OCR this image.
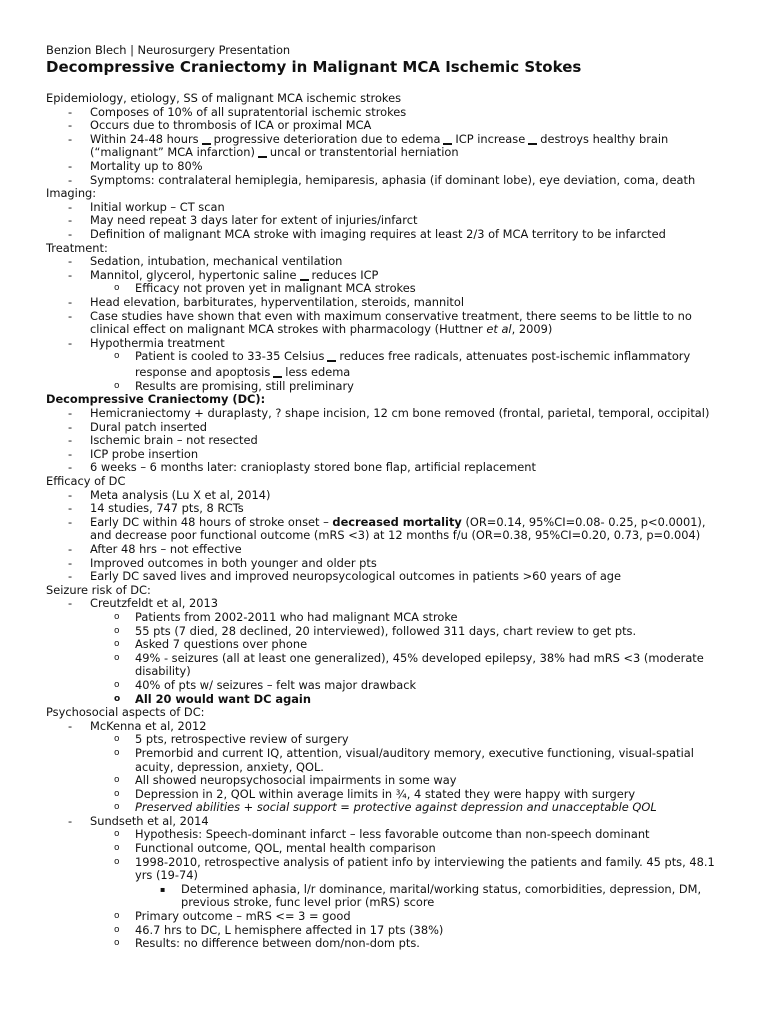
Benzion Blech | Neurosurgery Presentation
Decompressive Craniectomy in Malignant MCA Ischemic Stokes
Epidemiology, etiology, SS of malignant MCA ischemic strokes
- Composes of 10% of all supratentorial ischemic strokes
- Occurs due to thrombosis of ICA or proximal MCA
- Within 24-48 hours progressive deterioration due to edema ICP increase destroys healthy brain
(“malignant” MCA infarction) uncal or transtentorial herniation
- Mortality up to 80%
- Symptoms: contralateral hemiplegia, hemiparesis, aphasia (if dominant lobe), eye deviation, coma, death
Imaging:
- Initial workup – CT scan
- May need repeat 3 days later for extent of injuries/infarct
- Definition of malignant MCA stroke with imaging requires at least 2/3 of MCA territory to be infarcted
Treatment:
- Sedation, intubation, mechanical ventilation
- Mannitol, glycerol, hypertonic saline reduces ICP
o Efficacy not proven yet in malignant MCA strokes
- Head elevation, barbiturates, hyperventilation, steroids, mannitol
- Case studies have shown that even with maximum conservative treatment, there seems to be little to no
clinical effect on malignant MCA strokes with pharmacology (Huttner et al, 2009)
- Hypothermia treatment
o Patient is cooled to 33-35 Celsius reduces free radicals, attenuates post-ischemic inflammatory
response and apoptosis less edema
o Results are promising, still preliminary
Decompressive Craniectomy (DC):
- Hemicraniectomy + duraplasty, ? shape incision, 12 cm bone removed (frontal, parietal, temporal, occipital)
- Dural patch inserted
- Ischemic brain – not resected
- ICP probe insertion
- 6 weeks – 6 months later: cranioplasty stored bone flap, artificial replacement
Efficacy of DC
- Meta analysis (Lu X et al, 2014)
- 14 studies, 747 pts, 8 RCTs
- Early DC within 48 hours of stroke onset – decreased mortality (OR=0.14, 95%CI=0.08- 0.25, p<0.0001),
and decrease poor functional outcome (mRS <3) at 12 months f/u (OR=0.38, 95%CI=0.20, 0.73, p=0.004)
- After 48 hrs – not effective
- Improved outcomes in both younger and older pts
- Early DC saved lives and improved neuropsycological outcomes in patients >60 years of age
Seizure risk of DC:
- Creutzfeldt et al, 2013
o Patients from 2002-2011 who had malignant MCA stroke
o 55 pts (7 died, 28 declined, 20 interviewed), followed 311 days, chart review to get pts.
o Asked 7 questions over phone
o 49% - seizures (all at least one generalized), 45% developed epilepsy, 38% had mRS <3 (moderate
disability)
o 40% of pts w/ seizures – felt was major drawback
o All 20 would want DC again
Psychosocial aspects of DC:
- McKenna et al, 2012
o 5 pts, retrospective review of surgery
o Premorbid and current IQ, attention, visual/auditory memory, executive functioning, visual-spatial
acuity, depression, anxiety, QOL.
o All showed neuropsychosocial impairments in some way
o Depression in 2, QOL within average limits in ¾, 4 stated they were happy with surgery
o Preserved abilities + social support = protective against depression and unacceptable QOL
- Sundseth et al, 2014
o Hypothesis: Speech-dominant infarct – less favorable outcome than non-speech dominant
o Functional outcome, QOL, mental health comparison
o 1998-2010, retrospective analysis of patient info by interviewing the patients and family. 45 pts, 48.1
yrs (19-74)
▪ Determined aphasia, l/r dominance, marital/working status, comorbidities, depression, DM,
previous stroke, func level prior (mRS) score
o Primary outcome – mRS <= 3 = good
o 46.7 hrs to DC, L hemisphere affected in 17 pts (38%)
o Results: no difference between dom/non-dom pts.
